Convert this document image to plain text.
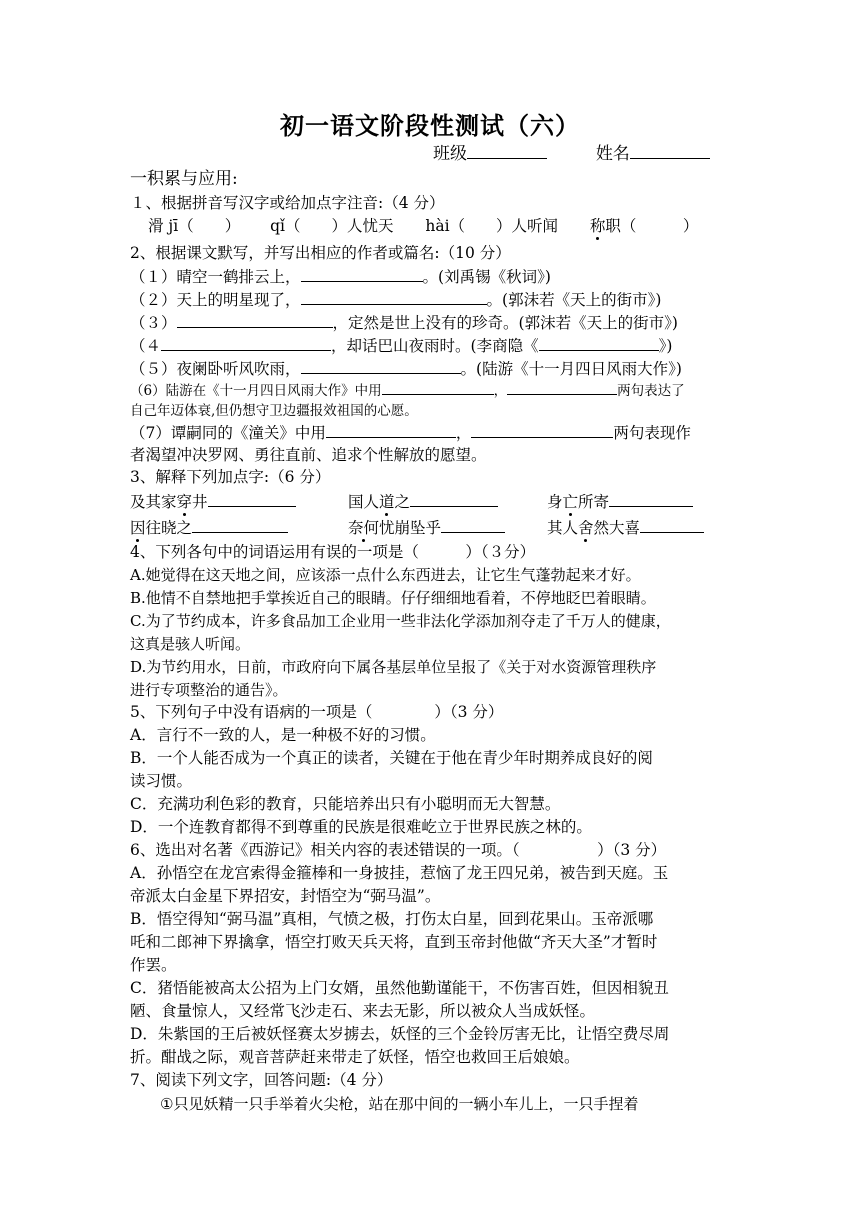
初一语文阶段性测试（六）
班级	姓名
一积累与应用:
１、根据拼音写汉字或给加点字注音:（4 分）
滑 jī（　　） qǐ（　　）人忧天 hài（　　）人听闻 称职（　　　）
2、根据课文默写，并写出相应的作者或篇名:（10 分）
（１）晴空一鹤排云上，	。(刘禹锡《秋词》)
（２）天上的明星现了，	。(郭沫若《天上的街市》)
（３）	，定然是世上没有的珍奇。(郭沫若《天上的街市》)
（４	，却话巴山夜雨时。(李商隐《	》)
（５）夜阑卧听风吹雨，	。(陆游《十一月四日风雨大作》)
（6）陆游在《十一月四日风雨大作》中用	，	两句表达了
自己年迈体衰,但仍想守卫边疆报效祖国的心愿。
（7）谭嗣同的《潼关》中用	，	两句表现作
者渴望冲决罗网、勇往直前、追求个性解放的愿望。
3、解释下列加点字:（6 分）
及其家穿井	国人道之	身亡所寄
因往晓之	奈何忧崩坠乎	其人舍然大喜
4、下列各句中的词语运用有误的一项是（　　　）（３分）
A.她觉得在这天地之间，应该添一点什么东西进去，让它生气蓬勃起来才好。
B.他情不自禁地把手掌挨近自己的眼睛。仔仔细细地看着，不停地眨巴着眼睛。
C.为了节约成本，许多食品加工企业用一些非法化学添加剂夺走了千万人的健康，
这真是骇人听闻。
D.为节约用水，日前，市政府向下属各基层单位呈报了《关于对水资源管理秩序
进行专项整治的通告》。
5、下列句子中没有语病的一项是（　　　　）（3 分）
A．言行不一致的人，是一种极不好的习惯。
B．一个人能否成为一个真正的读者，关键在于他在青少年时期养成良好的阅
读习惯。
C．充满功利色彩的教育，只能培养出只有小聪明而无大智慧。
D．一个连教育都得不到尊重的民族是很难屹立于世界民族之林的。
6、选出对名著《西游记》相关内容的表述错误的一项。（　　　　　）（3 分）
A．孙悟空在龙宫索得金箍棒和一身披挂，惹恼了龙王四兄弟，被告到天庭。玉
帝派太白金星下界招安，封悟空为“弼马温”。
B．悟空得知“弼马温”真相，气愤之极，打伤太白星，回到花果山。玉帝派哪
吒和二郎神下界擒拿，悟空打败天兵天将，直到玉帝封他做“齐天大圣”才暂时
作罢。
C．猪悟能被高太公招为上门女婿，虽然他勤谨能干，不伤害百姓，但因相貌丑
陋、食量惊人，又经常飞沙走石、来去无影，所以被众人当成妖怪。
D．朱紫国的王后被妖怪赛太岁掳去，妖怪的三个金铃厉害无比，让悟空费尽周
折。酣战之际，观音菩萨赶来带走了妖怪，悟空也救回王后娘娘。
7、阅读下列文字，回答问题:（4 分）
①只见妖精一只手举着火尖枪，站在那中间的一辆小车儿上，一只手捏着
